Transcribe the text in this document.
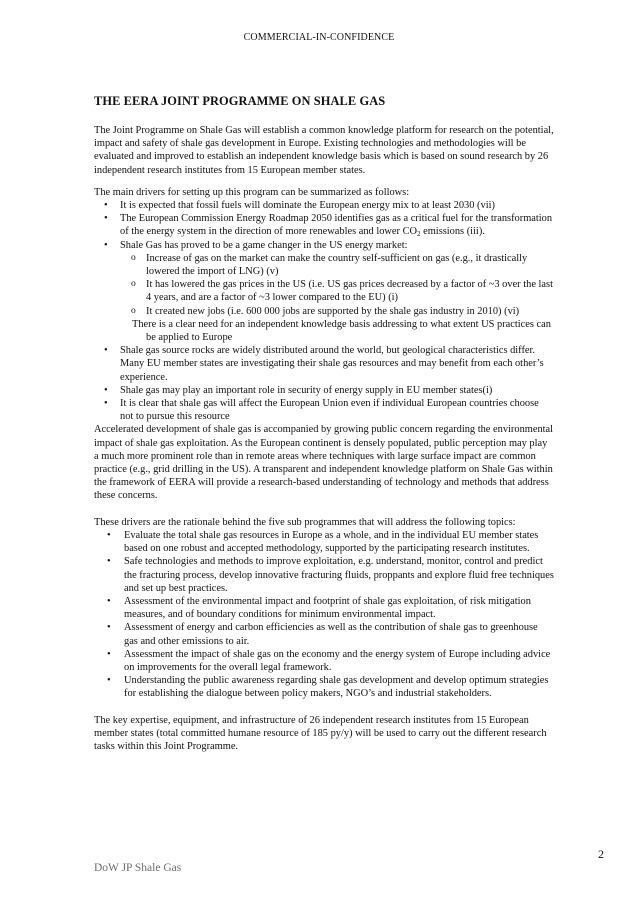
COMMERCIAL-IN-CONFIDENCE
THE EERA JOINT PROGRAMME ON SHALE GAS

The Joint Programme on Shale Gas will establish a common knowledge platform for research on the potential, impact and safety of shale gas development in Europe. Existing technologies and methodologies will be evaluated and improved to establish an independent knowledge basis which is based on sound research by 26 independent research institutes from 15 European member states.

The main drivers for setting up this program can be summarized as follows:

• It is expected that fossil fuels will dominate the European energy mix to at least 2030 (vii)
• The European Commission Energy Roadmap 2050 identifies gas as a critical fuel for the transformation of the energy system in the direction of more renewables and lower $CO_2$ emissions (iii).
• Shale Gas has proved to be a game changer in the US energy market:
o Increase of gas on the market can make the country self-sufficient on gas (e.g., it drastically lowered the import of LNG) (v)
o It has lowered the gas prices in the US (i.e. US gas prices decreased by a factor of ~3 over the last 4 years, and are a factor of ~3 lower compared to the EU) (i)
o It created new jobs (i.e. 600 000 jobs are supported by the shale gas industry in 2010) (vi)
There is a clear need for an independent knowledge basis addressing to what extent US practices can be applied to Europe
• Shale gas source rocks are widely distributed around the world, but geological characteristics differ. Many EU member states are investigating their shale gas resources and may benefit from each other’s experience.
• Shale gas may play an important role in security of energy supply in EU member states(i)
• It is clear that shale gas will affect the European Union even if individual European countries choose not to pursue this resource

Accelerated development of shale gas is accompanied by growing public concern regarding the environmental impact of shale gas exploitation. As the European continent is densely populated, public perception may play a much more prominent role than in remote areas where techniques with large surface impact are common practice (e.g., grid drilling in the US). A transparent and independent knowledge platform on Shale Gas within the framework of EERA will provide a research-based understanding of technology and methods that address these concerns.

These drivers are the rationale behind the five sub programmes that will address the following topics:

• Evaluate the total shale gas resources in Europe as a whole, and in the individual EU member states based on one robust and accepted methodology, supported by the participating research institutes.
• Safe technologies and methods to improve exploitation, e.g. understand, monitor, control and predict the fracturing process, develop innovative fracturing fluids, proppants and explore fluid free techniques and set up best practices.
• Assessment of the environmental impact and footprint of shale gas exploitation, of risk mitigation measures, and of boundary conditions for minimum environmental impact.
• Assessment of energy and carbon efficiencies as well as the contribution of shale gas to greenhouse gas and other emissions to air.
• Assessment the impact of shale gas on the economy and the energy system of Europe including advice on improvements for the overall legal framework.
• Understanding the public awareness regarding shale gas development and develop optimum strategies for establishing the dialogue between policy makers, NGO’s and industrial stakeholders.

The key expertise, equipment, and infrastructure of 26 independent research institutes from 15 European member states (total committed humane resource of 185 py/y) will be used to carry out the different research tasks within this Joint Programme.

2
DoW JP Shale Gas
